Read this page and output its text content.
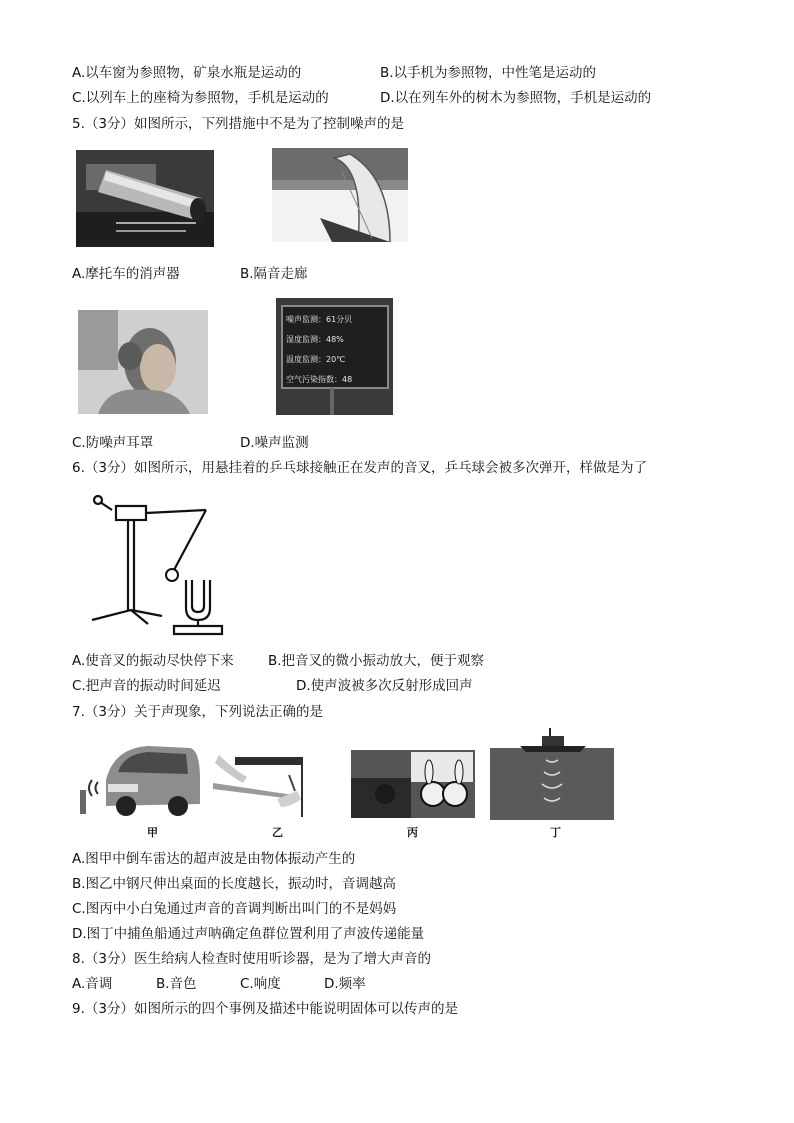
A.以车窗为参照物，矿泉水瓶是运动的	B.以手机为参照物，中性笔是运动的
C.以列车上的座椅为参照物，手机是运动的	D.以在列车外的树木为参照物，手机是运动的
5.（3分）如图所示，下列措施中不是为了控制噪声的是
A.摩托车的消声器	B.隔音走廊
噪声监测：61分贝
湿度监测：48%
温度监测：20℃
空气污染指数：48
C.防噪声耳罩	D.噪声监测
6.（3分）如图所示，用悬挂着的乒乓球接触正在发声的音叉，乒乓球会被多次弹开，样做是为了
A.使音叉的振动尽快停下来	B.把音叉的微小振动放大，便于观察
C.把声音的振动时间延迟	D.使声波被多次反射形成回声
7.（3分）关于声现象，下列说法正确的是
甲	乙	丙	丁
A.图甲中倒车雷达的超声波是由物体振动产生的
B.图乙中钢尺伸出桌面的长度越长，振动时，音调越高
C.图丙中小白兔通过声音的音调判断出叫门的不是妈妈
D.图丁中捕鱼船通过声呐确定鱼群位置利用了声波传递能量
8.（3分）医生给病人检查时使用听诊器，是为了增大声音的
A.音调	B.音色	C.响度	D.频率
9.（3分）如图所示的四个事例及描述中能说明固体可以传声的是
